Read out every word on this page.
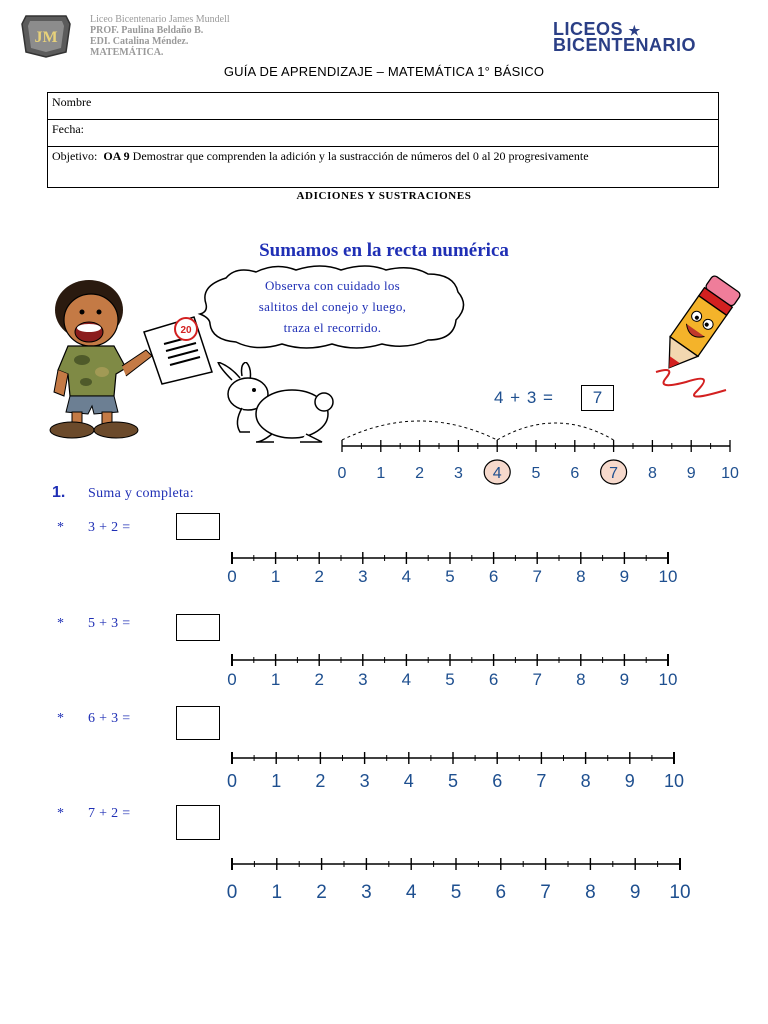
JM
Liceo Bicentenario James Mundell
PROF. Paulina Beldaño B.
EDI. Catalina Méndez.
MATEMÁTICA.
LICEOS ★
BICENTENARIO
GUÍA DE APRENDIZAJE – MATEMÁTICA 1° BÁSICO
Nombre
Fecha:
Objetivo: OA 9 Demostrar que comprenden la adición y la sustracción de números del 0 al 20 progresivamente
ADICIONES Y SUSTRACIONES
Sumamos en la recta numérica
20
Observa con cuidado los
saltitos del conejo y luego,
traza el recorrido.
4 + 3 =	7
0 1 2 3 4 5 6 7 8 9 10
1. Suma y completa:
* 3 + 2 =
0 1 2 3 4 5 6 7 8 9 10
* 5 + 3 =
0 1 2 3 4 5 6 7 8 9 10
* 6 + 3 =
0 1 2 3 4 5 6 7 8 9 10
* 7 + 2 =
0 1 2 3 4 5 6 7 8 9 10
